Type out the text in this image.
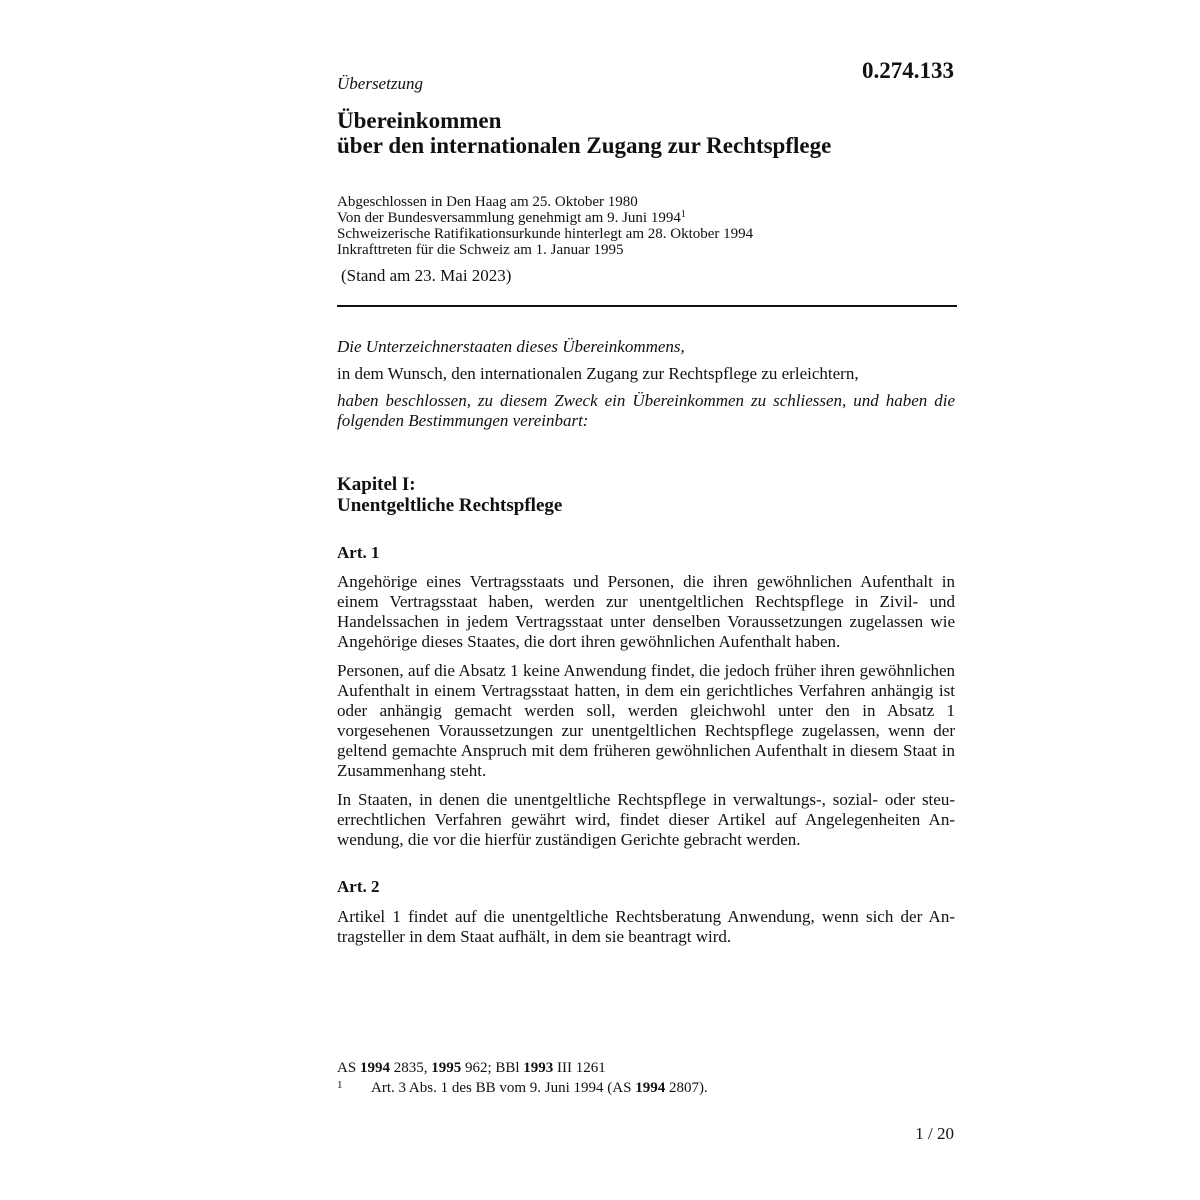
Übersetzung
0.274.133
Übereinkommen
über den internationalen Zugang zur Rechtspflege
Abgeschlossen in Den Haag am 25. Oktober 1980
Von der Bundesversammlung genehmigt am 9. Juni 1994$^1$
Schweizerische Ratifikationsurkunde hinterlegt am 28. Oktober 1994
Inkrafttreten für die Schweiz am 1. Januar 1995
(Stand am 23. Mai 2023)
Die Unterzeichnerstaaten dieses Übereinkommens,
in dem Wunsch, den internationalen Zugang zur Rechtspflege zu erleichtern,
haben beschlossen, zu diesem Zweck ein Übereinkommen zu schliessen, und haben die folgenden Bestimmungen vereinbart:
Kapitel I:
Unentgeltliche Rechtspflege
Art. 1
Angehörige eines Vertragsstaats und Personen, die ihren gewöhnlichen Aufenthalt in einem Vertragsstaat haben, werden zur unentgeltlichen Rechtspflege in Zivil- und Handelssachen in jedem Vertragsstaat unter denselben Voraussetzungen zugelassen wie Angehörige dieses Staates, die dort ihren gewöhnlichen Aufenthalt haben.
Personen, auf die Absatz 1 keine Anwendung findet, die jedoch früher ihren gewöhnlichen Aufenthalt in einem Vertragsstaat hatten, in dem ein gerichtliches Verfahren anhängig ist oder anhängig gemacht werden soll, werden gleichwohl unter den in Absatz 1 vorgesehenen Voraussetzungen zur unentgeltlichen Rechtspflege zugelassen, wenn der geltend gemachte Anspruch mit dem früheren gewöhnlichen Aufenthalt in diesem Staat in Zusammenhang steht.
In Staaten, in denen die unentgeltliche Rechtspflege in verwaltungs-, sozial- oder steuerrechtlichen Verfahren gewährt wird, findet dieser Artikel auf Angelegenheiten Anwendung, die vor die hierfür zuständigen Gerichte gebracht werden.
Art. 2
Artikel 1 findet auf die unentgeltliche Rechtsberatung Anwendung, wenn sich der Antragsteller in dem Staat aufhält, in dem sie beantragt wird.
AS 1994 2835, 1995 962; BBl 1993 III 1261
1 Art. 3 Abs. 1 des BB vom 9. Juni 1994 (AS 1994 2807).
1 / 20
